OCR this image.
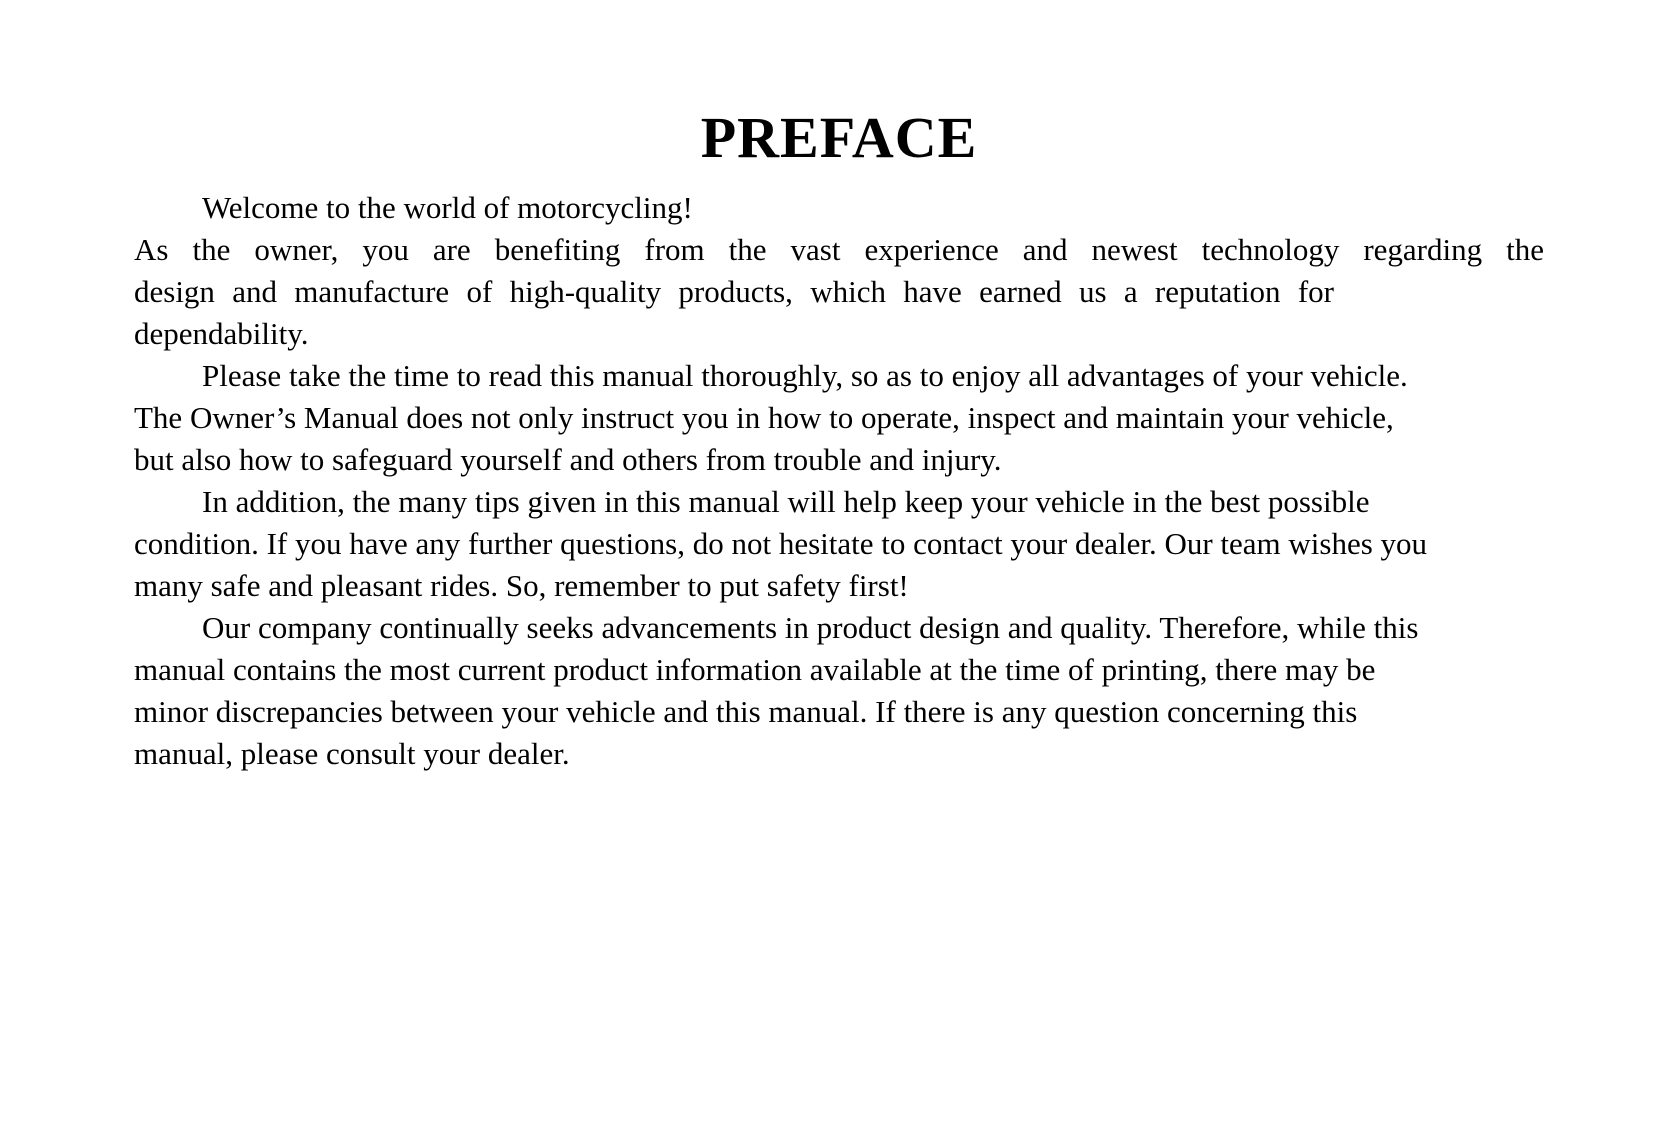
PREFACE

Welcome to the world of motorcycling!

As the owner, you are benefiting from the vast experience and newest technology regarding the

design and manufacture of high-quality products, which have earned us a reputation for

dependability.

Please take the time to read this manual thoroughly, so as to enjoy all advantages of your vehicle.

The Owner’s Manual does not only instruct you in how to operate, inspect and maintain your vehicle,

but also how to safeguard yourself and others from trouble and injury.

In addition, the many tips given in this manual will help keep your vehicle in the best possible

condition. If you have any further questions, do not hesitate to contact your dealer. Our team wishes you

many safe and pleasant rides. So, remember to put safety first!

Our company continually seeks advancements in product design and quality. Therefore, while this

manual contains the most current product information available at the time of printing, there may be

minor discrepancies between your vehicle and this manual. If there is any question concerning this

manual, please consult your dealer.
